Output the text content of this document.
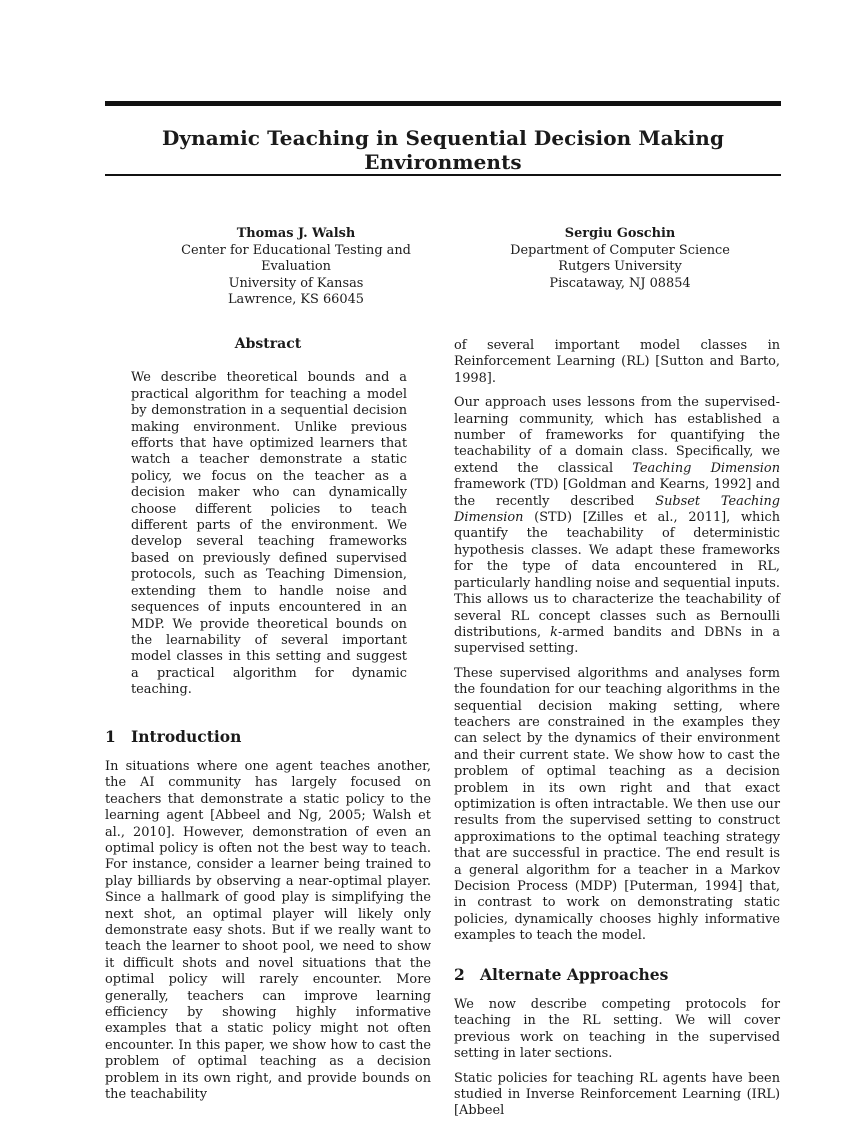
Dynamic Teaching in Sequential Decision Making Environments
Thomas J. Walsh
Center for Educational Testing and Evaluation
University of Kansas
Lawrence, KS 66045
Sergiu Goschin
Department of Computer Science
Rutgers University
Piscataway, NJ 08854
Abstract

We describe theoretical bounds and a practical algorithm for teaching a model by demonstration in a sequential decision making environment. Unlike previous efforts that have optimized learners that watch a teacher demonstrate a static policy, we focus on the teacher as a decision maker who can dynamically choose different policies to teach different parts of the environment. We develop several teaching frameworks based on previously defined supervised protocols, such as Teaching Dimension, extending them to handle noise and sequences of inputs encountered in an MDP. We provide theoretical bounds on the learnability of several important model classes in this setting and suggest a practical algorithm for dynamic teaching.

1 Introduction

In situations where one agent teaches another, the AI community has largely focused on teachers that demonstrate a static policy to the learning agent [Abbeel and Ng, 2005; Walsh et al., 2010]. However, demonstration of even an optimal policy is often not the best way to teach. For instance, consider a learner being trained to play billiards by observing a near-optimal player. Since a hallmark of good play is simplifying the next shot, an optimal player will likely only demonstrate easy shots. But if we really want to teach the learner to shoot pool, we need to show it difficult shots and novel situations that the optimal policy will rarely encounter. More generally, teachers can improve learning efficiency by showing highly informative examples that a static policy might not often encounter. In this paper, we show how to cast the problem of optimal teaching as a decision problem in its own right, and provide bounds on the teachability

of several important model classes in Reinforcement Learning (RL) [Sutton and Barto, 1998].

Our approach uses lessons from the supervised-learning community, which has established a number of frameworks for quantifying the teachability of a domain class. Specifically, we extend the classical Teaching Dimension framework (TD) [Goldman and Kearns, 1992] and the recently described Subset Teaching Dimension (STD) [Zilles et al., 2011], which quantify the teachability of deterministic hypothesis classes. We adapt these frameworks for the type of data encountered in RL, particularly handling noise and sequential inputs. This allows us to characterize the teachability of several RL concept classes such as Bernoulli distributions, k-armed bandits and DBNs in a supervised setting.

These supervised algorithms and analyses form the foundation for our teaching algorithms in the sequential decision making setting, where teachers are constrained in the examples they can select by the dynamics of their environment and their current state. We show how to cast the problem of optimal teaching as a decision problem in its own right and that exact optimization is often intractable. We then use our results from the supervised setting to construct approximations to the optimal teaching strategy that are successful in practice. The end result is a general algorithm for a teacher in a Markov Decision Process (MDP) [Puterman, 1994] that, in contrast to work on demonstrating static policies, dynamically chooses highly informative examples to teach the model.

2 Alternate Approaches

We now describe competing protocols for teaching in the RL setting. We will cover previous work on teaching in the supervised setting in later sections.

Static policies for teaching RL agents have been studied in Inverse Reinforcement Learning (IRL) [Abbeel
